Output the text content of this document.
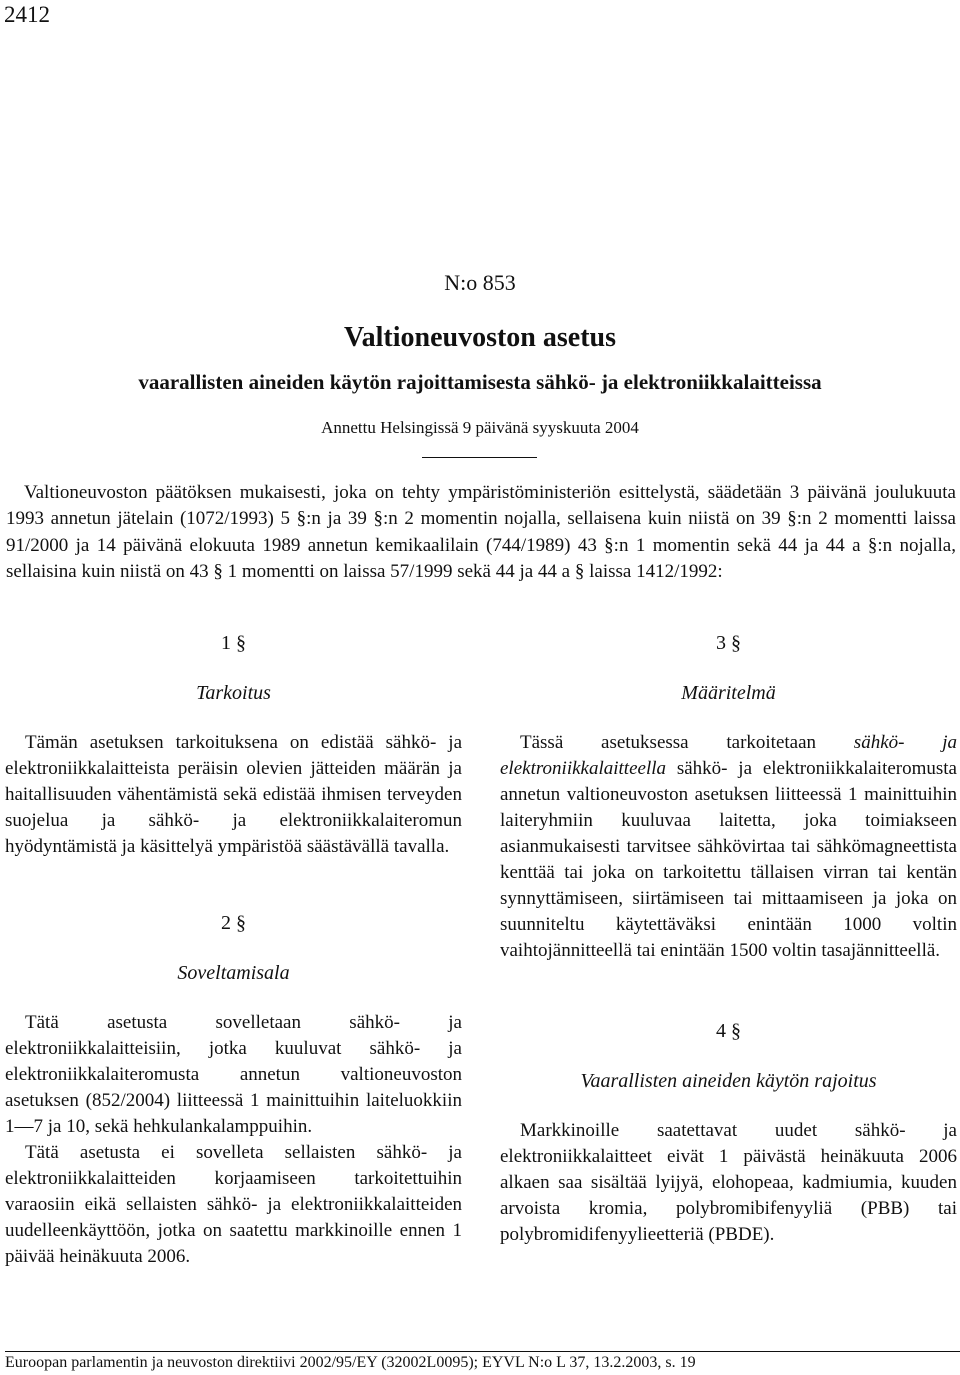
2412
N:o 853
Valtioneuvoston asetus
vaarallisten aineiden käytön rajoittamisesta sähkö- ja elektroniikkalaitteissa
Annettu Helsingissä 9 päivänä syyskuuta 2004

Valtioneuvoston päätöksen mukaisesti, joka on tehty ympäristöministeriön esittelystä, säädetään 3 päivänä joulukuuta 1993 annetun jätelain (1072/1993) 5 §:n ja 39 §:n 2 momentin nojalla, sellaisena kuin niistä on 39 §:n 2 momentti laissa 91/2000 ja 14 päivänä elokuuta 1989 annetun kemikaalilain (744/1989) 43 §:n 1 momentin sekä 44 ja 44 a §:n nojalla, sellaisina kuin niistä on 43 § 1 momentti on laissa 57/1999 sekä 44 ja 44 a § laissa 1412/1992:

1 §
Tarkoitus

Tämän asetuksen tarkoituksena on edistää sähkö- ja elektroniikkalaitteista peräisin olevien jätteiden määrän ja haitallisuuden vähentämistä sekä edistää ihmisen terveyden suojelua ja sähkö- ja elektroniikkalaiteromun hyödyntämistä ja käsittelyä ympäristöä säästävällä tavalla.

2 §
Soveltamisala

Tätä asetusta sovelletaan sähkö- ja elektroniikkalaitteisiin, jotka kuuluvat sähkö- ja elektroniikkalaiteromusta annetun valtioneuvoston asetuksen (852/2004) liitteessä 1 mainittuihin laiteluokkiin 1—7 ja 10, sekä hehkulankalamppuihin.

Tätä asetusta ei sovelleta sellaisten sähkö- ja elektroniikkalaitteiden korjaamiseen tarkoitettuihin varaosiin eikä sellaisten sähkö- ja elektroniikkalaitteiden uudelleenkäyttöön, jotka on saatettu markkinoille ennen 1 päivää heinäkuuta 2006.

3 §
Määritelmä

Tässä asetuksessa tarkoitetaan sähkö- ja elektroniikkalaitteella sähkö- ja elektroniikkalaiteromusta annetun valtioneuvoston asetuksen liitteessä 1 mainittuihin laiteryhmiin kuuluvaa laitetta, joka toimiakseen asianmukaisesti tarvitsee sähkövirtaa tai sähkömagneettista kenttää tai joka on tarkoitettu tällaisen virran tai kentän synnyttämiseen, siirtämiseen tai mittaamiseen ja joka on suunniteltu käytettäväksi enintään 1000 voltin vaihtojännitteellä tai enintään 1500 voltin tasajännitteellä.

4 §
Vaarallisten aineiden käytön rajoitus

Markkinoille saatettavat uudet sähkö- ja elektroniikkalaitteet eivät 1 päivästä heinäkuuta 2006 alkaen saa sisältää lyijyä, elohopeaa, kadmiumia, kuuden arvoista kromia, polybromibifenyyliä (PBB) tai polybromidifenyylieetteriä (PBDE).

Euroopan parlamentin ja neuvoston direktiivi 2002/95/EY (32002L0095); EYVL N:o L 37, 13.2.2003, s. 19
